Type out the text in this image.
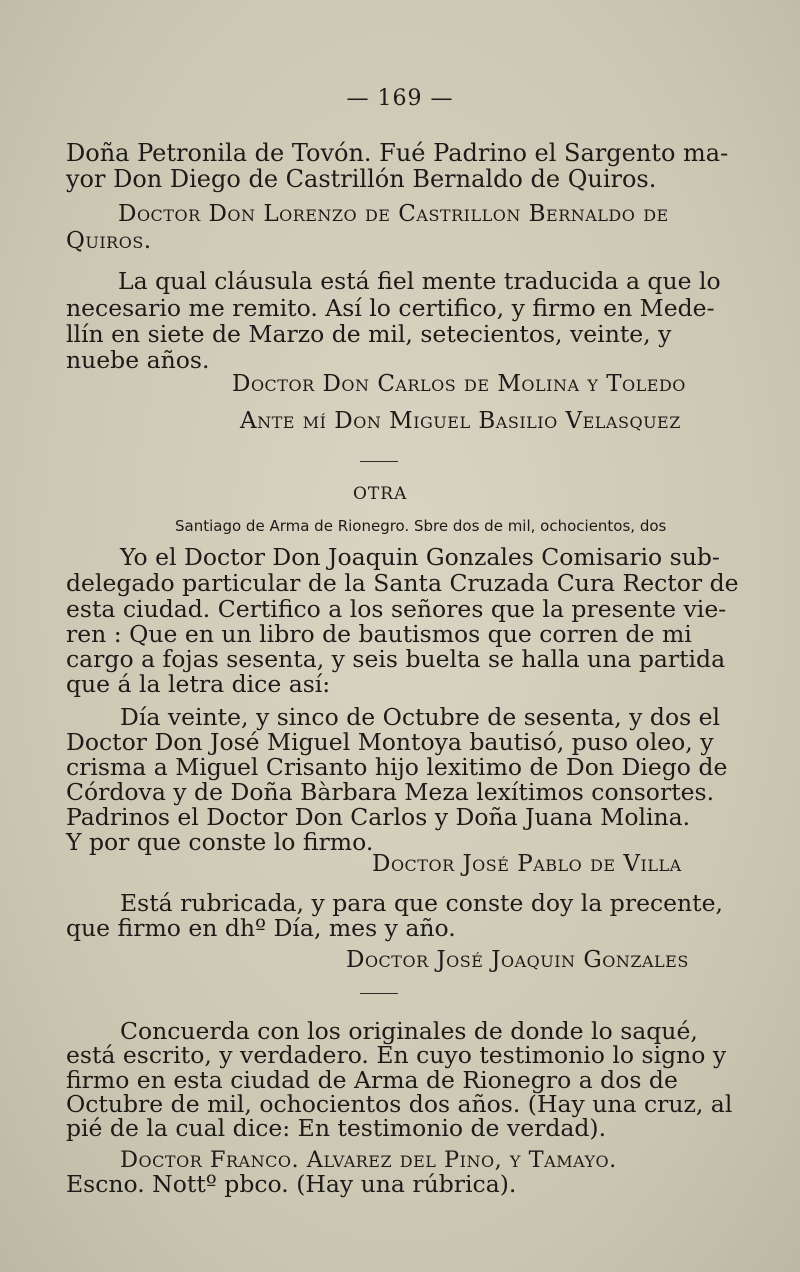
— 169 —
Doña Petronila de Tovón. Fué Padrino el Sargento ma-
yor Don Diego de Castrillón Bernaldo de Quiros.
Doctor Don Lorenzo de Castrillon Bernaldo de
Quiros.
La qual cláusula está fiel mente traducida a que lo
necesario me remito. Así lo certifico, y firmo en Mede-
llín en siete de Marzo de mil, setecientos, veinte, y
nuebe años.
Doctor Don Carlos de Molina y Toledo
Ante mí Don Miguel Basilio Velasquez
OTRA
Santiago de Arma de Rionegro. Sbre dos de mil, ochocientos, dos
Yo el Doctor Don Joaquin Gonzales Comisario sub-
delegado particular de la Santa Cruzada Cura Rector de
esta ciudad. Certifico a los señores que la presente vie-
ren : Que en un libro de bautismos que corren de mi
cargo a fojas sesenta, y seis buelta se halla una partida
que á la letra dice así:
Día veinte, y sinco de Octubre de sesenta, y dos el
Doctor Don José Miguel Montoya bautisó, puso oleo, y
crisma a Miguel Crisanto hijo lexitimo de Don Diego de
Córdova y de Doña Bàrbara Meza lexítimos consortes.
Padrinos el Doctor Don Carlos y Doña Juana Molina.
Y por que conste lo firmo.
Doctor José Pablo de Villa
Está rubricada, y para que conste doy la precente,
que firmo en dhº Día, mes y año.
Doctor José Joaquin Gonzales
Concuerda con los originales de donde lo saqué,
está escrito, y verdadero. En cuyo testimonio lo signo y
firmo en esta ciudad de Arma de Rionegro a dos de
Octubre de mil, ochocientos dos años. (Hay una cruz, al
pié de la cual dice: En testimonio de verdad).
Doctor Franco. Alvarez del Pino, y Tamayo.
Escno. Nottº pbco. (Hay una rúbrica).
